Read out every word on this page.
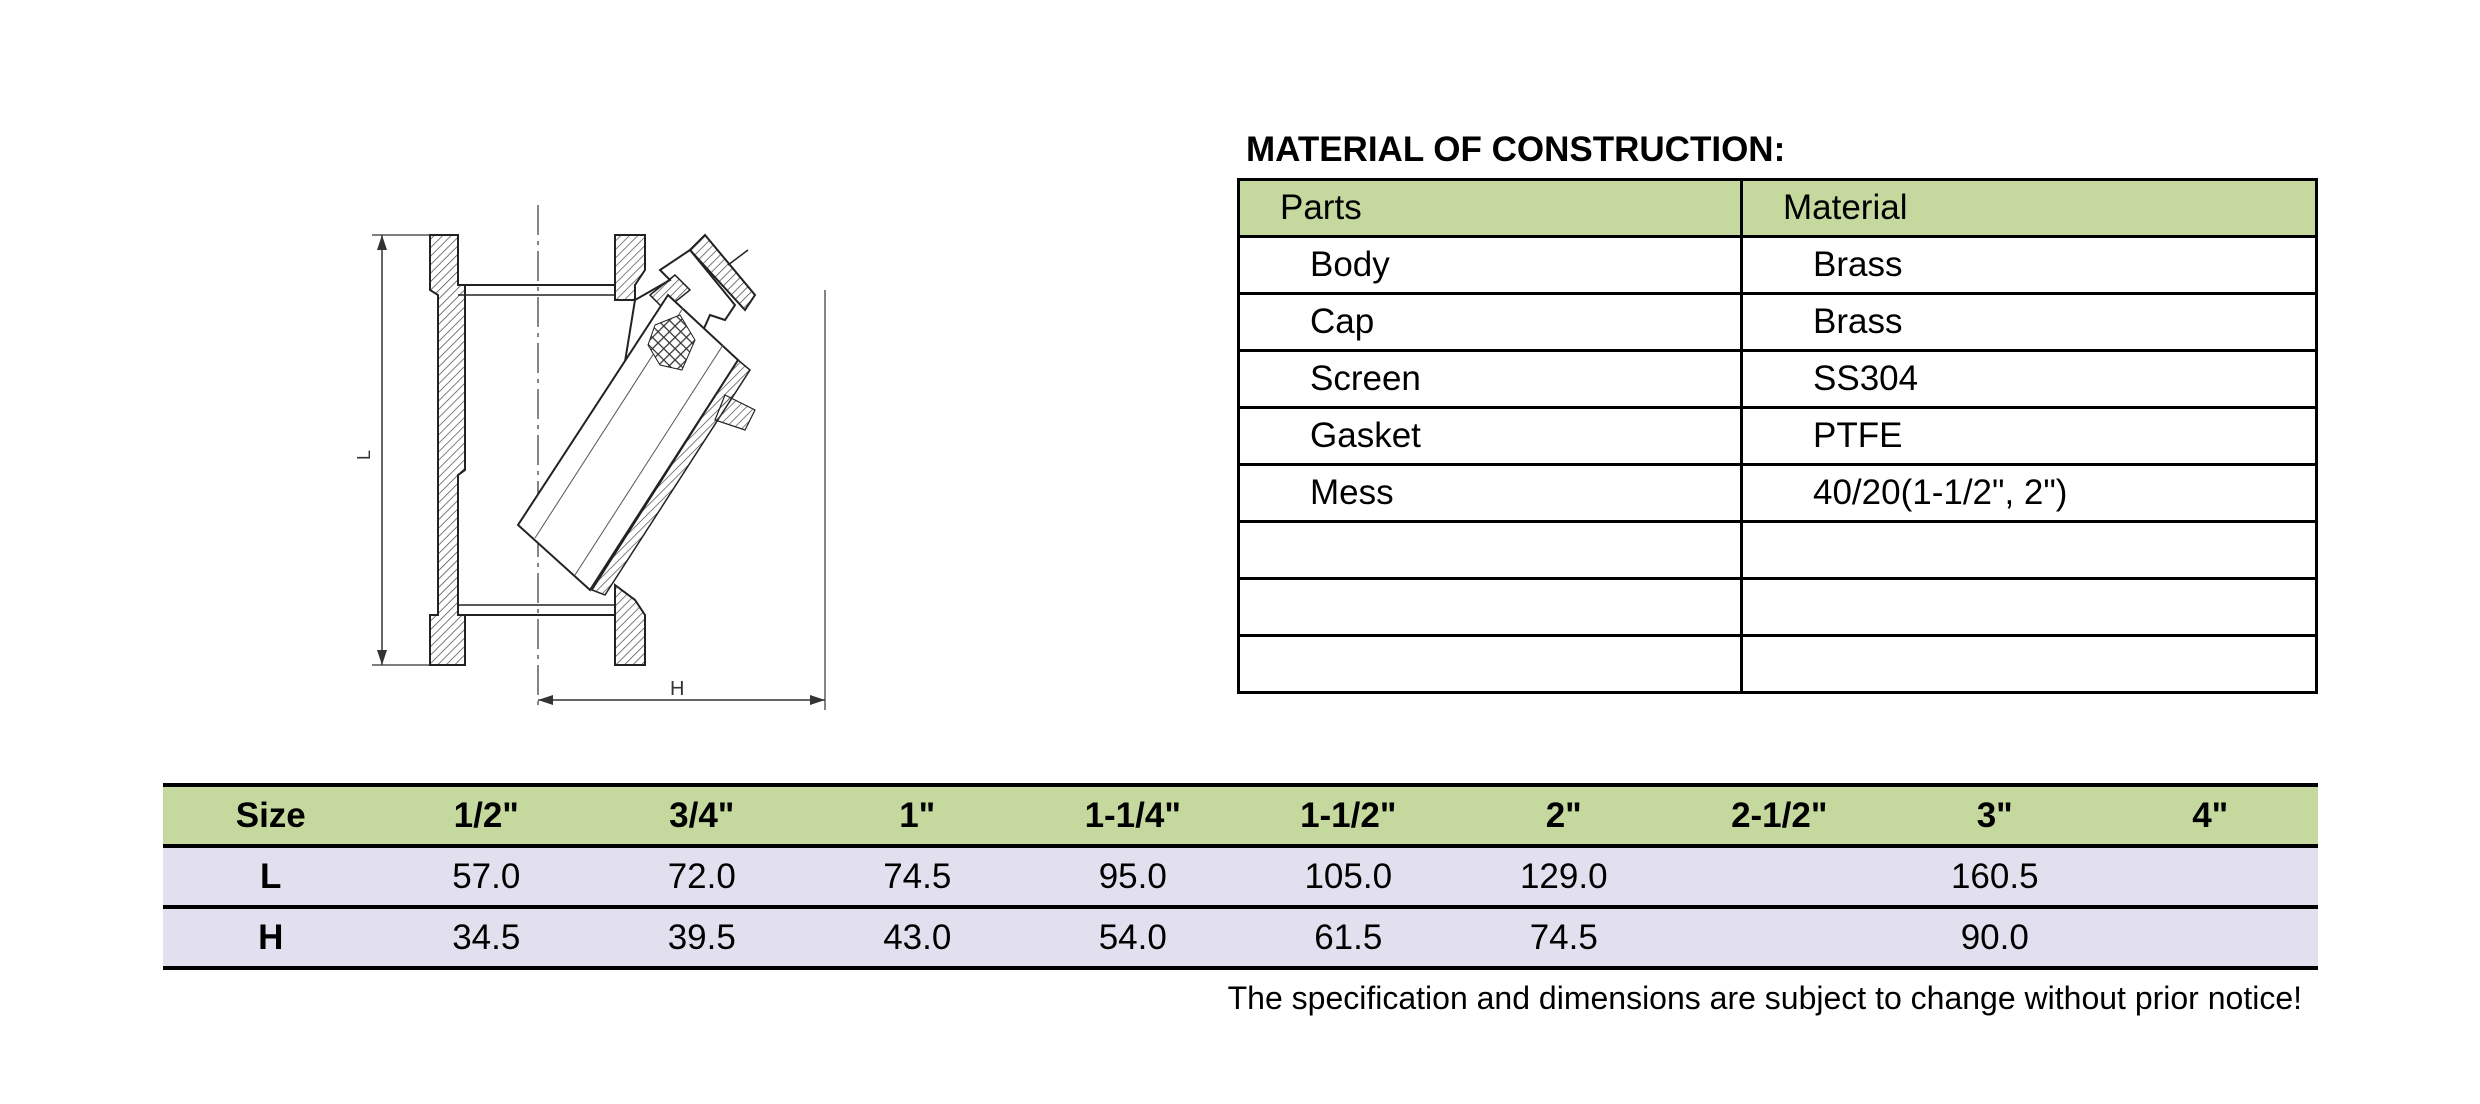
L
H
MATERIAL OF CONSTRUCTION:
Parts	Material
Body	Brass
Cap	Brass
Screen	SS304
Gasket	PTFE
Mess	40/20(1-1/2", 2")

Size	1/2"	3/4"	1"	1-1/4"	1-1/2"	2"	2-1/2"	3"	4"
L	57.0	72.0	74.5	95.0	105.0	129.0		160.5	
H	34.5	39.5	43.0	54.0	61.5	74.5		90.0	
The specification and dimensions are subject to change without prior notice!
